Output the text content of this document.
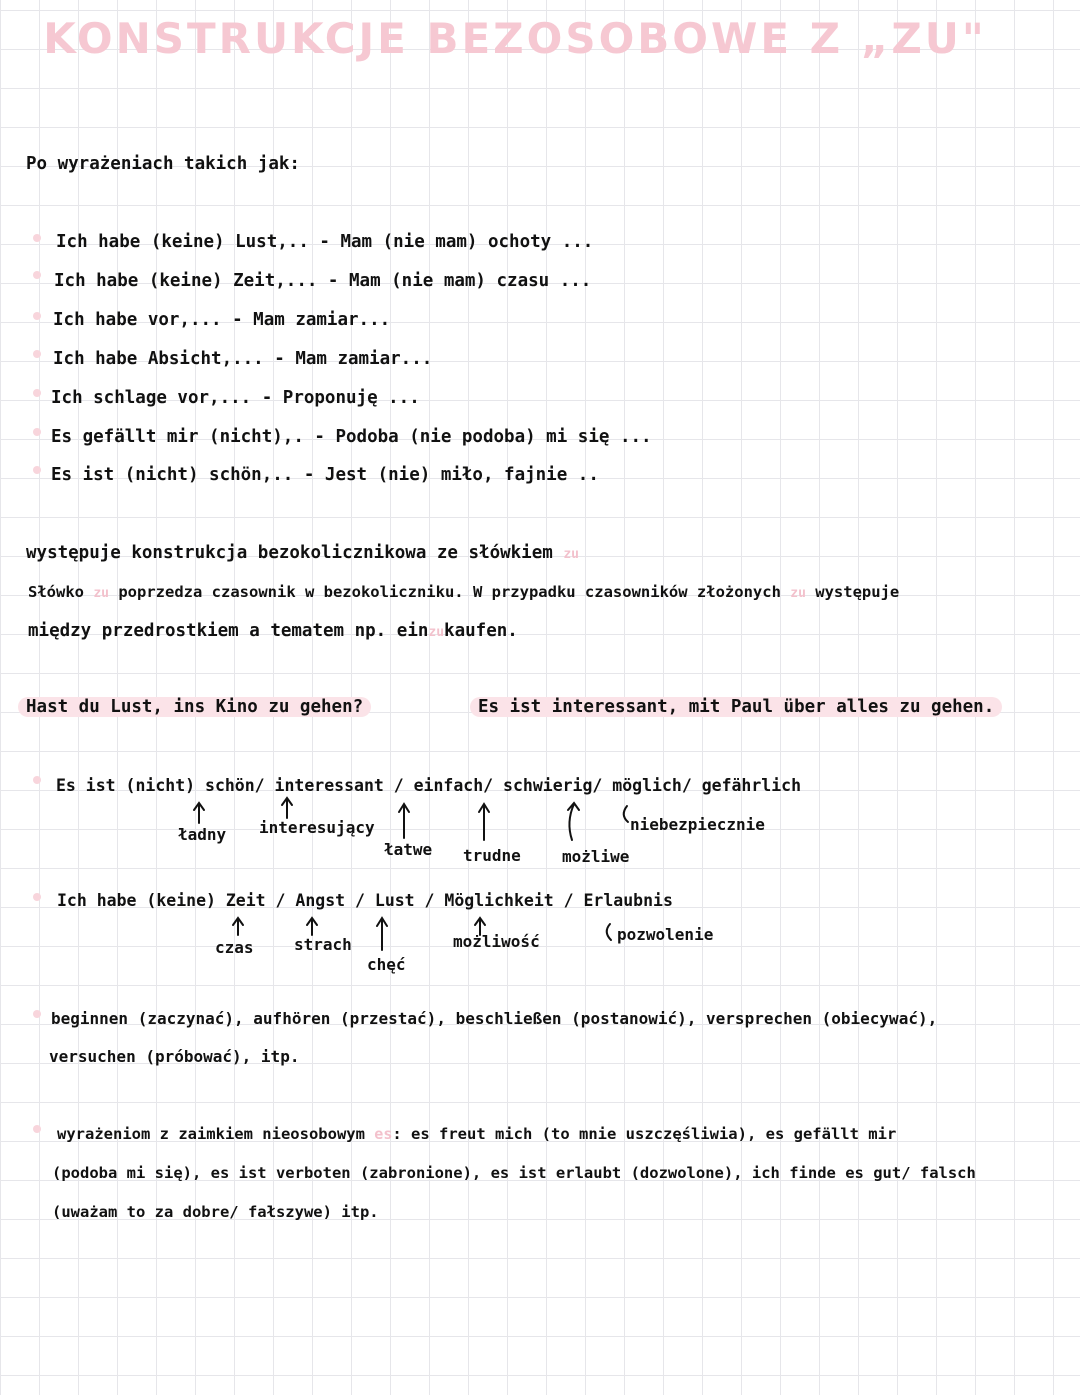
KONSTRUKCJE BEZOSOBOWE Z „ZU"
Po wyrażeniach takich jak:
Ich habe (keine) Lust,.. - Mam (nie mam) ochoty ...
Ich habe (keine) Zeit,... - Mam (nie mam) czasu ...
Ich habe vor,... - Mam zamiar...
Ich habe Absicht,... - Mam zamiar...
Ich schlage vor,... - Proponuję ...
Es gefällt mir (nicht),. - Podoba (nie podoba) mi się ...
Es ist (nicht) schön,.. - Jest (nie) miło, fajnie ..
występuje konstrukcja bezokolicznikowa ze słówkiem zu
Słówko zu poprzedza czasownik w bezokoliczniku. W przypadku czasowników złożonych zu występuje
między przedrostkiem a tematem np. einzukaufen.
Hast du Lust, ins Kino zu gehen?	Es ist interessant, mit Paul über alles zu gehen.
Es ist (nicht) schön/ interessant / einfach/ schwierig/ möglich/ gefährlich
ładny interesujący
łatwe trudne	możliwe
niebezpiecznie
Ich habe (keine) Zeit / Angst / Lust / Möglichkeit / Erlaubnis
czas	strach
chęć
możliwość	pozwolenie
beginnen (zaczynać), aufhören (przestać), beschließen (postanowić), versprechen (obiecywać),
versuchen (próbować), itp.
wyrażeniom z zaimkiem nieosobowym es: es freut mich (to mnie uszczęśliwia), es gefällt mir
(podoba mi się), es ist verboten (zabronione), es ist erlaubt (dozwolone), ich finde es gut/ falsch
(uważam to za dobre/ fałszywe) itp.
